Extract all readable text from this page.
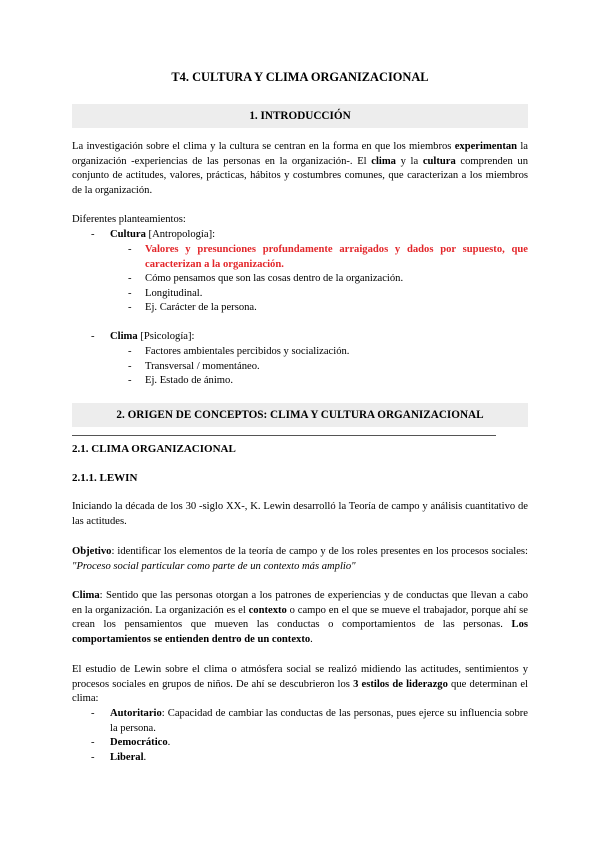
T4. CULTURA Y CLIMA ORGANIZACIONAL
1. INTRODUCCIÓN
La investigación sobre el clima y la cultura se centran en la forma en que los miembros experimentan la organización -experiencias de las personas en la organización-. El clima y la cultura comprenden un conjunto de actitudes, valores, prácticas, hábitos y costumbres comunes, que caracterizan a los miembros de la organización.
Diferentes planteamientos:
- Cultura [Antropología]:
- Valores y presunciones profundamente arraigados y dados por supuesto, que caracterizan a la organización.
- Cómo pensamos que son las cosas dentro de la organización.
- Longitudinal.
- Ej. Carácter de la persona.
- Clima [Psicología]:
- Factores ambientales percibidos y socialización.
- Transversal / momentáneo.
- Ej. Estado de ánimo.
2. ORIGEN DE CONCEPTOS: CLIMA Y CULTURA ORGANIZACIONAL
2.1. CLIMA ORGANIZACIONAL
2.1.1. LEWIN
Iniciando la década de los 30 -siglo XX-, K. Lewin desarrolló la Teoría de campo y análisis cuantitativo de las actitudes.
Objetivo: identificar los elementos de la teoría de campo y de los roles presentes en los procesos sociales: "Proceso social particular como parte de un contexto más amplio"
Clima: Sentido que las personas otorgan a los patrones de experiencias y de conductas que llevan a cabo en la organización. La organización es el contexto o campo en el que se mueve el trabajador, porque ahí se crean los pensamientos que mueven las conductas o comportamientos de las personas. Los comportamientos se entienden dentro de un contexto.
El estudio de Lewin sobre el clima o atmósfera social se realizó midiendo las actitudes, sentimientos y procesos sociales en grupos de niños. De ahí se descubrieron los 3 estilos de liderazgo que determinan el clima:
- Autoritario: Capacidad de cambiar las conductas de las personas, pues ejerce su influencia sobre la persona.
- Democrático.
- Liberal.
